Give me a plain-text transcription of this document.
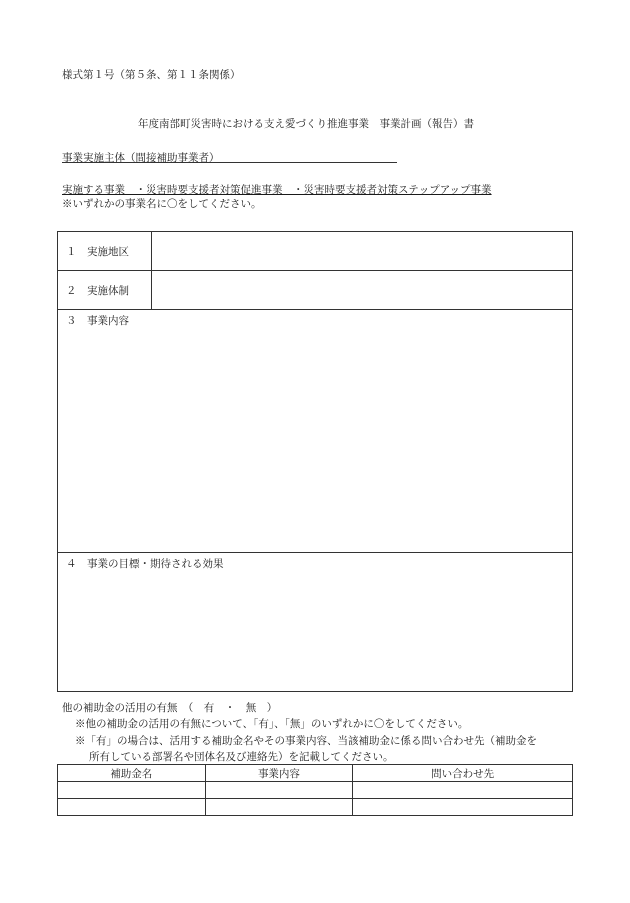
様式第１号（第５条、第１１条関係）
年度南部町災害時における支え愛づくり推進事業　事業計画（報告）書
事業実施主体（間接補助事業者）
実施する事業　・災害時要支援者対策促進事業　・災害時要支援者対策ステップアップ事業
※いずれかの事業名に〇をしてください。
１　実施地区	
２　実施体制	
３　事業内容	
４　事業の目標・期待される効果	
他の補助金の活用の有無　（　有　・　無　）
※他の補助金の活用の有無について、「有」、「無」のいずれかに〇をしてください。
※「有」の場合は、活用する補助金名やその事業内容、当該補助金に係る問い合わせ先（補助金を
所有している部署名や団体名及び連絡先）を記載してください。
補助金名	事業内容	問い合わせ先
